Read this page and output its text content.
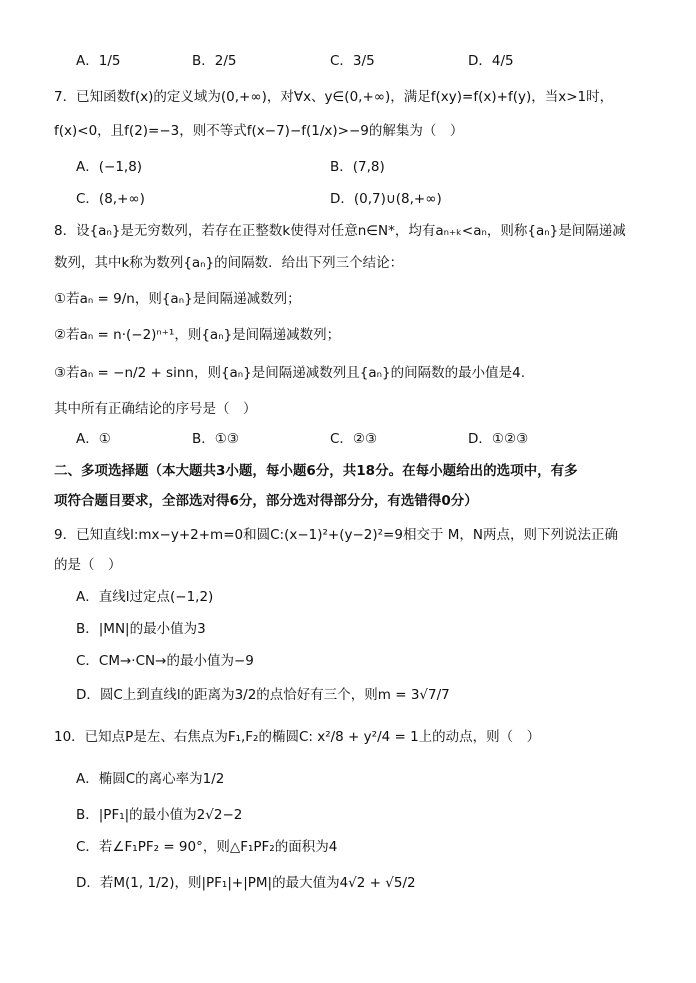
A．1/5	B．2/5	C．3/5	D．4/5
7．已知函数f(x)的定义域为(0,+∞)，对∀x、y∈(0,+∞)，满足f(xy)=f(x)+f(y)，当x>1时，
f(x)<0，且f(2)=−3，则不等式f(x−7)−f(1/x)>−9的解集为（　）
A．(−1,8)	B．(7,8)
C．(8,+∞)	D．(0,7)∪(8,+∞)
8．设{aₙ}是无穷数列，若存在正整数k使得对任意n∈N*，均有aₙ₊ₖ<aₙ，则称{aₙ}是间隔递减
数列，其中k称为数列{aₙ}的间隔数．给出下列三个结论：
①若aₙ = 9/n，则{aₙ}是间隔递减数列；
②若aₙ = n·(−2)ⁿ⁺¹，则{aₙ}是间隔递减数列；
③若aₙ = −n/2 + sinn，则{aₙ}是间隔递减数列且{aₙ}的间隔数的最小值是4.
其中所有正确结论的序号是（　）
A．①	B．①③	C．②③	D．①②③
二、多项选择题（本大题共3小题，每小题6分，共18分。在每小题给出的选项中，有多
项符合题目要求，全部选对得6分，部分选对得部分分，有选错得0分）
9．已知直线l:mx−y+2+m=0和圆C:(x−1)²+(y−2)²=9相交于 M，N两点，则下列说法正确
的是（　）
A．直线l过定点(−1,2)
B．|MN|的最小值为3
C．CM→·CN→的最小值为−9
D．圆C上到直线l的距离为3/2的点恰好有三个，则m = 3√7/7
10．已知点P是左、右焦点为F₁,F₂的椭圆C: x²/8 + y²/4 = 1上的动点，则（　）
A．椭圆C的离心率为1/2
B．|PF₁|的最小值为2√2−2
C．若∠F₁PF₂ = 90°，则△F₁PF₂的面积为4
D．若M(1, 1/2)，则|PF₁|+|PM|的最大值为4√2 + √5/2
